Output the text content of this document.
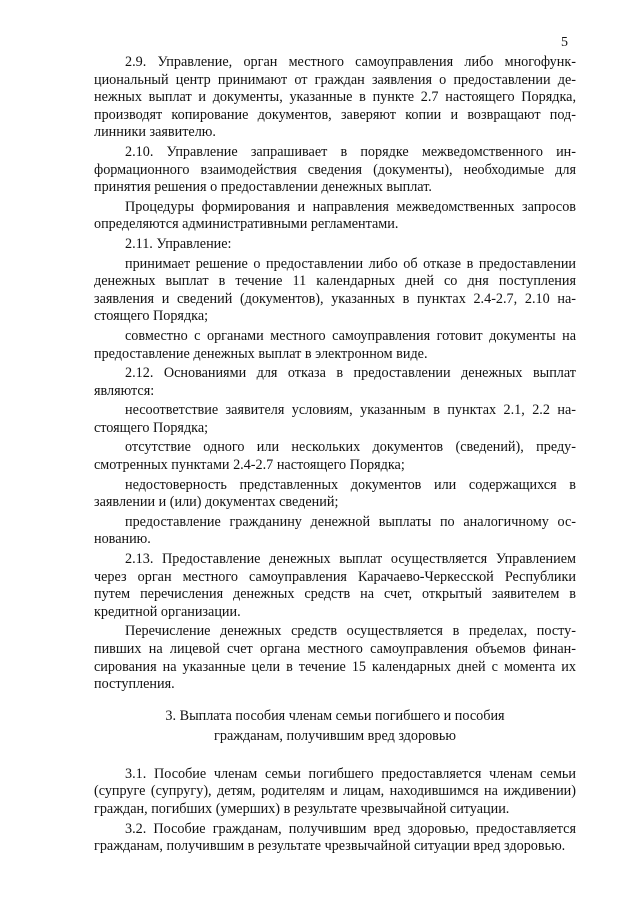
5

2.9. Управление, орган местного самоуправления либо многофункциональный центр принимают от граждан заявления о предоставлении денежных выплат и документы, указанные в пункте 2.7 настоящего Порядка, производят копирование документов, заверяют копии и возвращают подлинники заявителю.

2.10. Управление запрашивает в порядке межведомственного информационного взаимодействия сведения (документы), необходимые для принятия решения о предоставлении денежных выплат.

Процедуры формирования и направления межведомственных запросов определяются административными регламентами.

2.11. Управление:

принимает решение о предоставлении либо об отказе в предоставлении денежных выплат в течение 11 календарных дней со дня поступления заявления и сведений (документов), указанных в пунктах 2.4-2.7, 2.10 настоящего Порядка;

совместно с органами местного самоуправления готовит документы на предоставление денежных выплат в электронном виде.

2.12. Основаниями для отказа в предоставлении денежных выплат являются:

несоответствие заявителя условиям, указанным в пунктах 2.1, 2.2 настоящего Порядка;

отсутствие одного или нескольких документов (сведений), предусмотренных пунктами 2.4-2.7 настоящего Порядка;

недостоверность представленных документов или содержащихся в заявлении и (или) документах сведений;

предоставление гражданину денежной выплаты по аналогичному основанию.

2.13. Предоставление денежных выплат осуществляется Управлением через орган местного самоуправления Карачаево-Черкесской Республики путем перечисления денежных средств на счет, открытый заявителем в кредитной организации.

Перечисление денежных средств осуществляется в пределах, поступивших на лицевой счет органа местного самоуправления объемов финансирования на указанные цели в течение 15 календарных дней с момента их поступления.

3. Выплата пособия членам семьи погибшего и пособия

гражданам, получившим вред здоровью

3.1. Пособие членам семьи погибшего предоставляется членам семьи (супруге (супругу), детям, родителям и лицам, находившимся на иждивении) граждан, погибших (умерших) в результате чрезвычайной ситуации.

3.2. Пособие гражданам, получившим вред здоровью, предоставляется гражданам, получившим в результате чрезвычайной ситуации вред здоровью.
